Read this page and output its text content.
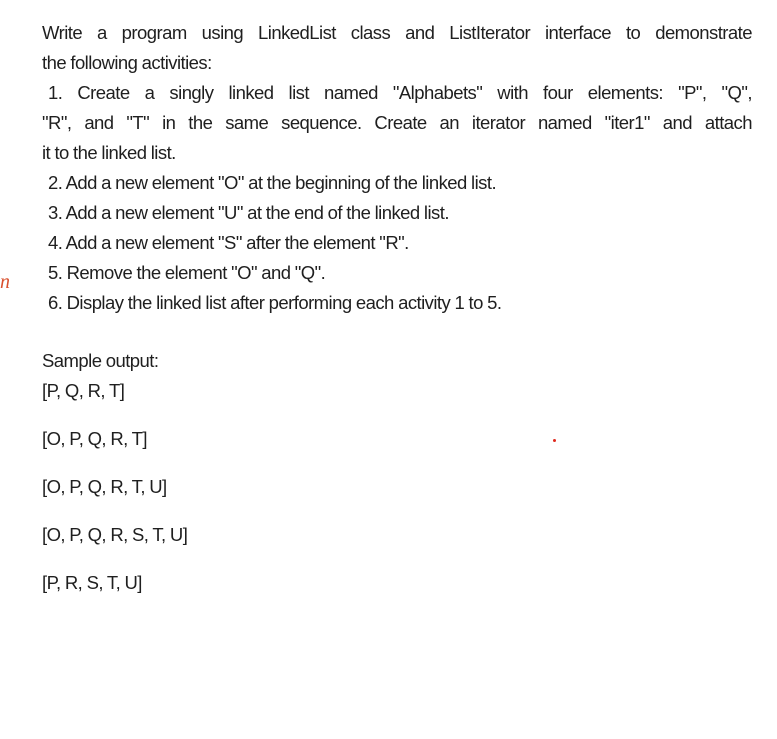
n
Write a program using LinkedList class and ListIterator interface to demonstrate
the following activities:
1. Create a singly linked list named "Alphabets" with four elements: "P", "Q",
"R", and "T" in the same sequence. Create an iterator named "iter1" and attach
it to the linked list.
2. Add a new element "O" at the beginning of the linked list.
3. Add a new element "U" at the end of the linked list.
4. Add a new element "S" after the element "R".
5. Remove the element "O" and "Q".
6. Display the linked list after performing each activity 1 to 5.
Sample output:
[P, Q, R, T]
[O, P, Q, R, T]
[O, P, Q, R, T, U]
[O, P, Q, R, S, T, U]
[P, R, S, T, U]
